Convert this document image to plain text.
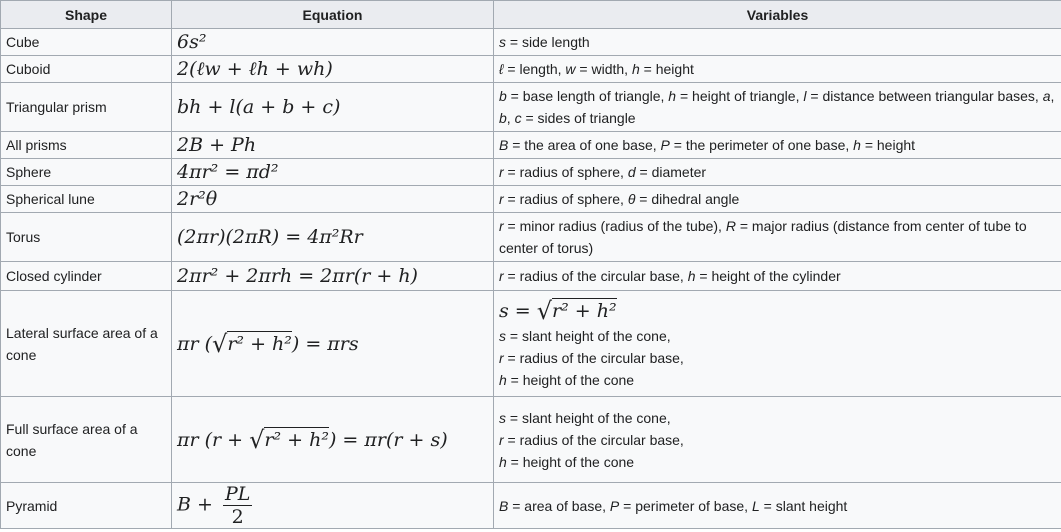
Shape	Equation	Variables
Cube	6s²	s = side length

Cuboid	2(ℓw + ℓh + wh)	ℓ = length, w = width, h = height

Triangular prism	bh + l(a + b + c)	b = base length of triangle, h = height of triangle, l = distance between triangular bases, a,
b, c = sides of triangle

All prisms	2B + Ph	B = the area of one base, P = the perimeter of one base, h = height

Sphere	4πr² = πd²	r = radius of sphere, d = diameter

Spherical lune	2r²θ	r = radius of sphere, θ = dihedral angle

Torus	(2πr)(2πR) = 4π²Rr	r = minor radius (radius of the tube), R = major radius (distance from center of tube to
center of torus)

Closed cylinder	2πr² + 2πrh = 2πr(r + h)	r = radius of the circular base, h = height of the cylinder

Lateral surface area of a cone	πr (√r² + h²) = πrs	s = √r² + h²
s = slant height of the cone,
r = radius of the circular base,
h = height of the cone

Full surface area of a cone	πr (r + √r² + h²) = πr(r + s)	s = slant height of the cone,
r = radius of the circular base,
h = height of the cone

Pyramid	$B + \frac{PL}{2}$	B = area of base, P = perimeter of base, L = slant height
